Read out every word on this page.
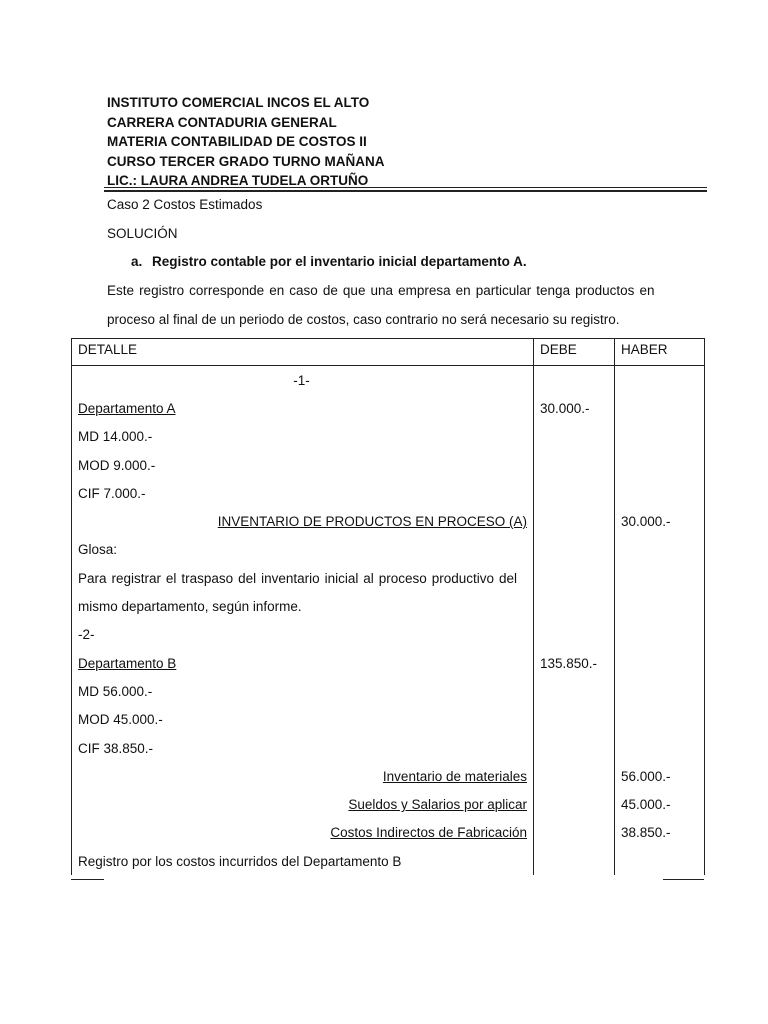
INSTITUTO COMERCIAL INCOS EL ALTO
CARRERA CONTADURIA GENERAL
MATERIA CONTABILIDAD DE COSTOS II
CURSO TERCER GRADO TURNO MAÑANA
LIC.: LAURA ANDREA TUDELA ORTUÑO
Caso 2 Costos Estimados
SOLUCIÓN
a. Registro contable por el inventario inicial departamento A.
Este registro corresponde en caso de que una empresa en particular tenga productos en
proceso al final de un periodo de costos, caso contrario no será necesario su registro.
DETALLE	DEBE	HABER
-1-		
Departamento A	30.000.-	
MD 14.000.-		
MOD 9.000.-		
CIF 7.000.-		
INVENTARIO DE PRODUCTOS EN PROCESO (A)		30.000.-
Glosa:		
Para registrar el traspaso del inventario inicial al proceso productivo del		
mismo departamento, según informe.		
-2-		
Departamento B	135.850.-	
MD 56.000.-		
MOD 45.000.-		
CIF 38.850.-		
Inventario de materiales		56.000.-
Sueldos y Salarios por aplicar		45.000.-
Costos Indirectos de Fabricación		38.850.-
Registro por los costos incurridos del Departamento B		
